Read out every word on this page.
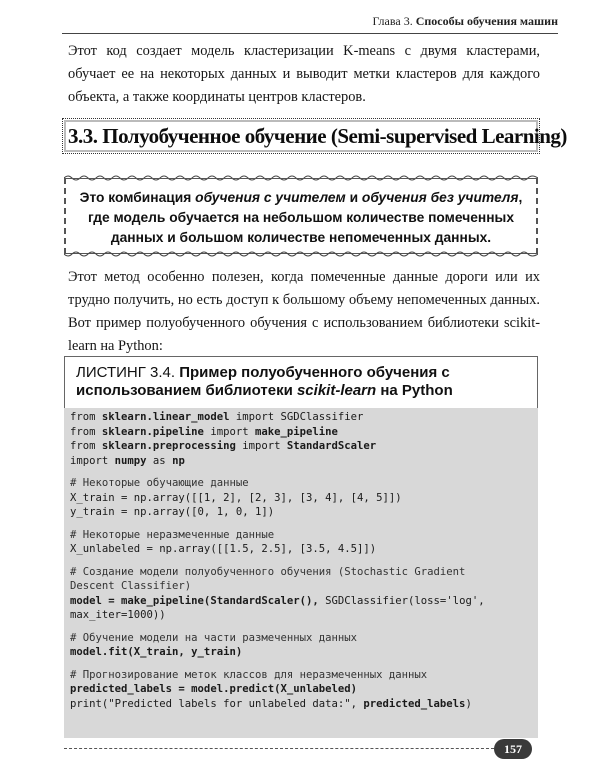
Глава 3. Способы обучения машин
Этот код создает модель кластеризации K-means с двумя кластерами, обучает ее на некоторых данных и выводит метки кластеров для каждого объекта, а также координаты центров кластеров.
3.3. Полуобученное обучение (Semi-supervised Learning)
Это комбинация обучения с учителем и обучения без учителя, где модель обучается на небольшом количестве помеченных данных и большом количестве непомеченных данных.
Этот метод особенно полезен, когда помеченные данные дороги или их трудно получить, но есть доступ к большому объему непомеченных данных. Вот пример полуобученного обучения с использованием библиотеки scikit-learn на Python:
ЛИСТИНГ 3.4. Пример полуобученного обучения с использованием библиотеки scikit-learn на Python
from sklearn.linear_model import SGDClassifier
from sklearn.pipeline import make_pipeline
from sklearn.preprocessing import StandardScaler
import numpy as np
# Некоторые обучающие данные
X_train = np.array([[1, 2], [2, 3], [3, 4], [4, 5]])
y_train = np.array([0, 1, 0, 1])
# Некоторые неразмеченные данные
X_unlabeled = np.array([[1.5, 2.5], [3.5, 4.5]])
# Создание модели полуобученного обучения (Stochastic Gradient
Descent Classifier)
model = make_pipeline(StandardScaler(), SGDClassifier(loss='log',
max_iter=1000))
# Обучение модели на части размеченных данных
model.fit(X_train, y_train)
# Прогнозирование меток классов для неразмеченных данных
predicted_labels = model.predict(X_unlabeled)
print("Predicted labels for unlabeled data:", predicted_labels)
157
